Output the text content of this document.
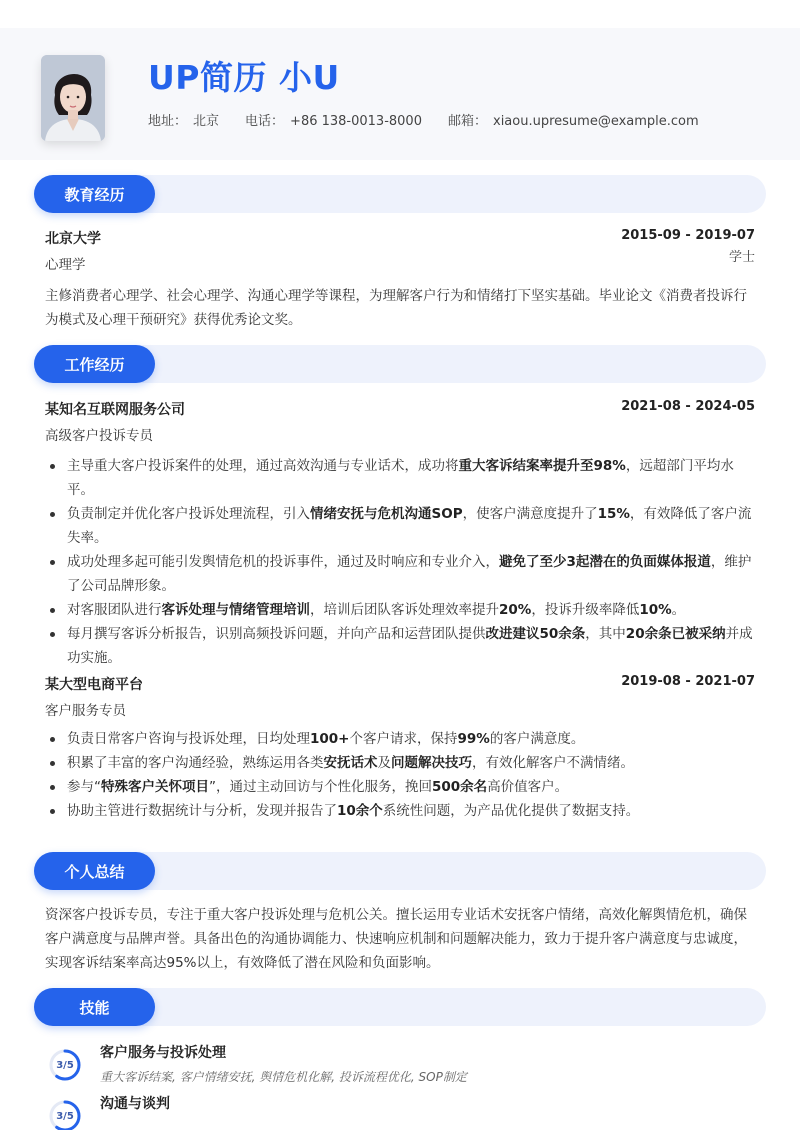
UP简历 小U
地址： 北京 电话： +86 138-0013-8000 邮箱： xiaou.upresume@example.com
教育经历
北京大学	2015-09 - 2019-07
学士
心理学
主修消费者心理学、社会心理学、沟通心理学等课程，为理解客户行为和情绪打下坚实基础。毕业论文《消费者投诉行为模式及心理干预研究》获得优秀论文奖。
工作经历
某知名互联网服务公司	2021-08 - 2024-05
高级客户投诉专员
主导重大客户投诉案件的处理，通过高效沟通与专业话术，成功将重大客诉结案率提升至98%，远超部门平均水平。
负责制定并优化客户投诉处理流程，引入情绪安抚与危机沟通SOP，使客户满意度提升了15%，有效降低了客户流失率。
成功处理多起可能引发舆情危机的投诉事件，通过及时响应和专业介入，避免了至少3起潜在的负面媒体报道，维护了公司品牌形象。
对客服团队进行客诉处理与情绪管理培训，培训后团队客诉处理效率提升20%，投诉升级率降低10%。
每月撰写客诉分析报告，识别高频投诉问题，并向产品和运营团队提供改进建议50余条，其中20余条已被采纳并成功实施。
某大型电商平台	2019-08 - 2021-07
客户服务专员
负责日常客户咨询与投诉处理，日均处理100+个客户请求，保持99%的客户满意度。
积累了丰富的客户沟通经验，熟练运用各类安抚话术及问题解决技巧，有效化解客户不满情绪。
参与“特殊客户关怀项目”，通过主动回访与个性化服务，挽回500余名高价值客户。
协助主管进行数据统计与分析，发现并报告了10余个系统性问题，为产品优化提供了数据支持。
个人总结
资深客户投诉专员，专注于重大客户投诉处理与危机公关。擅长运用专业话术安抚客户情绪，高效化解舆情危机，确保客户满意度与品牌声誉。具备出色的沟通协调能力、快速响应机制和问题解决能力，致力于提升客户满意度与忠诚度，实现客诉结案率高达95%以上，有效降低了潜在风险和负面影响。
技能
3/5
客户服务与投诉处理
重大客诉结案, 客户情绪安抚, 舆情危机化解, 投诉流程优化, SOP制定
3/5
沟通与谈判
